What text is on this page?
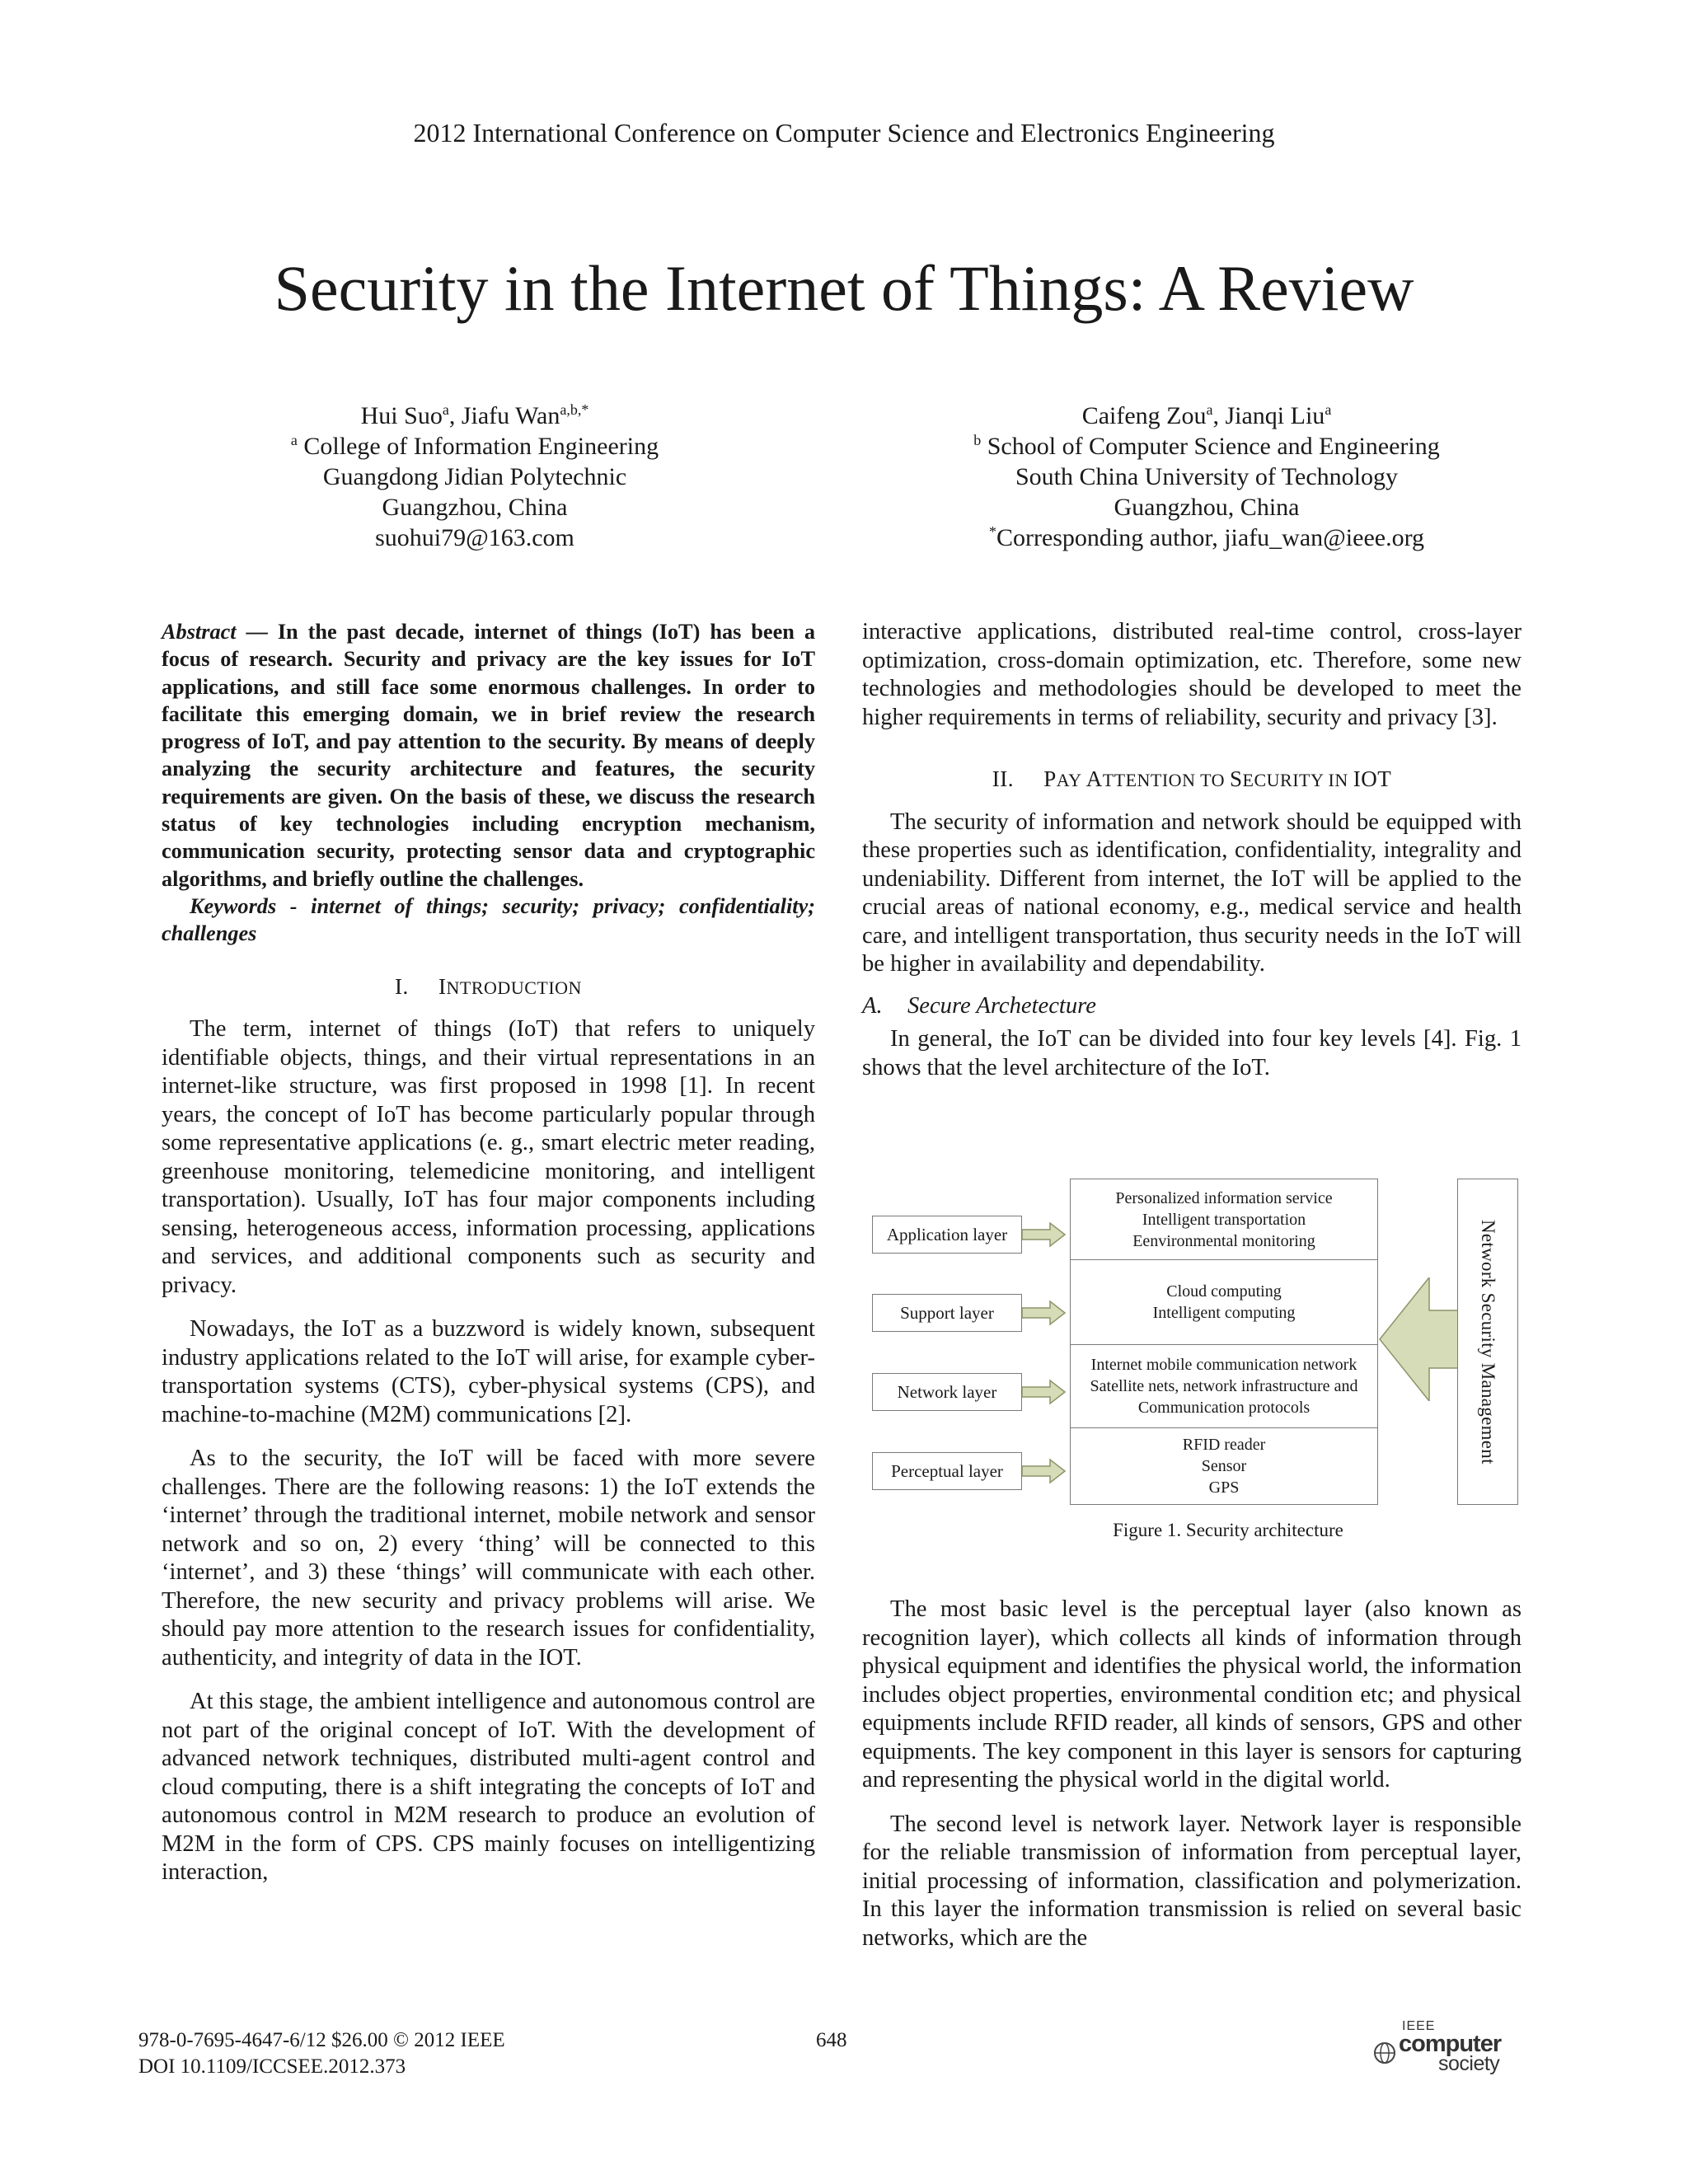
2012 International Conference on Computer Science and Electronics Engineering
Security in the Internet of Things: A Review
Hui Suo$^a$, Jiafu Wan$^{a,b,*}$
$^a$ College of Information Engineering
Guangdong Jidian Polytechnic
Guangzhou, China
suohui79@163.com
Caifeng Zou$^a$, Jianqi Liu$^a$
$^b$ School of Computer Science and Engineering
South China University of Technology
Guangzhou, China
*Corresponding author, jiafu_wan@ieee.org

Abstract — In the past decade, internet of things (IoT) has been a focus of research. Security and privacy are the key issues for IoT applications, and still face some enormous challenges. In order to facilitate this emerging domain, we in brief review the research progress of IoT, and pay attention to the security. By means of deeply analyzing the security architecture and features, the security requirements are given. On the basis of these, we discuss the research status of key technologies including encryption mechanism, communication security, protecting sensor data and cryptographic algorithms, and briefly outline the challenges.

Keywords - internet of things; security; privacy; confidentiality; challenges

I. INTRODUCTION

The term, internet of things (IoT) that refers to uniquely identifiable objects, things, and their virtual representations in an internet-like structure, was first proposed in 1998 [1]. In recent years, the concept of IoT has become particularly popular through some representative applications (e. g., smart electric meter reading, greenhouse monitoring, telemedicine monitoring, and intelligent transportation). Usually, IoT has four major components including sensing, heterogeneous access, information processing, applications and services, and additional components such as security and privacy.

Nowadays, the IoT as a buzzword is widely known, subsequent industry applications related to the IoT will arise, for example cyber-transportation systems (CTS), cyber-physical systems (CPS), and machine-to-machine (M2M) communications [2].

As to the security, the IoT will be faced with more severe challenges. There are the following reasons: 1) the IoT extends the ‘internet’ through the traditional internet, mobile network and sensor network and so on, 2) every ‘thing’ will be connected to this ‘internet’, and 3) these ‘things’ will communicate with each other. Therefore, the new security and privacy problems will arise. We should pay more attention to the research issues for confidentiality, authenticity, and integrity of data in the IOT.

At this stage, the ambient intelligence and autonomous control are not part of the original concept of IoT. With the development of advanced network techniques, distributed multi-agent control and cloud computing, there is a shift integrating the concepts of IoT and autonomous control in M2M research to produce an evolution of M2M in the form of CPS. CPS mainly focuses on intelligentizing interaction,

interactive applications, distributed real-time control, cross-layer optimization, cross-domain optimization, etc. Therefore, some new technologies and methodologies should be developed to meet the higher requirements in terms of reliability, security and privacy [3].

II. PAY ATTENTION TO SECURITY IN IOT

The security of information and network should be equipped with these properties such as identification, confidentiality, integrality and undeniability. Different from internet, the IoT will be applied to the crucial areas of national economy, e.g., medical service and health care, and intelligent transportation, thus security needs in the IoT will be higher in availability and dependability.

A. Secure Archetecture

In general, the IoT can be divided into four key levels [4]. Fig. 1 shows that the level architecture of the IoT.

Application layer
Support layer
Network layer
Perceptual layer
Personalized information service
Intelligent transportation
Eenvironmental monitoring
Cloud computing
Intelligent computing
Internet mobile communication network
Satellite nets, network infrastructure and
Communication protocols
RFID reader
Sensor
GPS
Network Security Management
Figure 1. Security architecture

The most basic level is the perceptual layer (also known as recognition layer), which collects all kinds of information through physical equipment and identifies the physical world, the information includes object properties, environmental condition etc; and physical equipments include RFID reader, all kinds of sensors, GPS and other equipments. The key component in this layer is sensors for capturing and representing the physical world in the digital world.

The second level is network layer. Network layer is responsible for the reliable transmission of information from perceptual layer, initial processing of information, classification and polymerization. In this layer the information transmission is relied on several basic networks, which are the

978-0-7695-4647-6/12 $26.00 © 2012 IEEE
DOI 10.1109/ICCSEE.2012.373
648
IEEE
computer
society
